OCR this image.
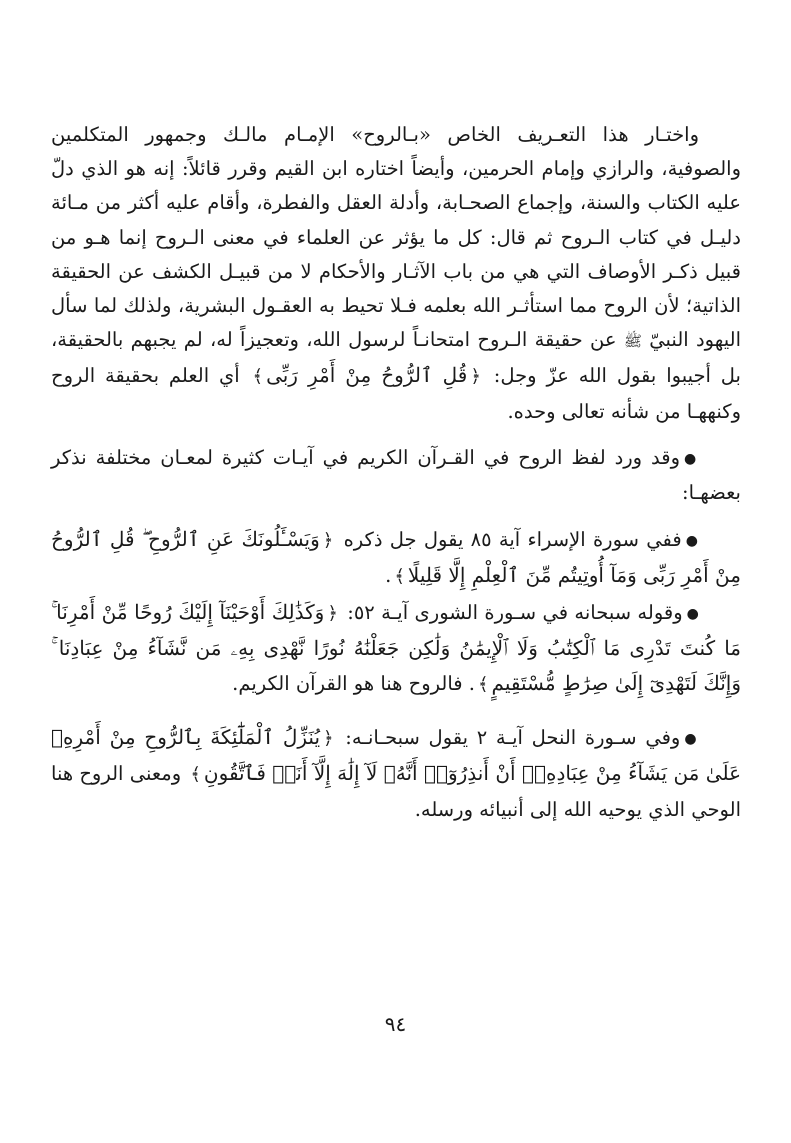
واختـار هذا التعـريف الخاص «بـالروح» الإمـام مالـك وجمهور المتكلمين والصوفية، والرازي وإمام الحرمين، وأيضاً اختاره ابن القيم وقرر قائلاً: إنه هو الذي دلّ عليه الكتاب والسنة، وإجماع الصحـابة، وأدلة العقل والفطرة، وأقام عليه أكثر من مـائة دليـل في كتاب الـروح ثم قال: كل ما يؤثر عن العلماء في معنى الـروح إنما هـو من قبيل ذكـر الأوصاف التي هي من باب الآثـار والأحكام لا من قبيـل الكشف عن الحقيقة الذاتية؛ لأن الروح مما استأثـر الله بعلمه فـلا تحيط به العقـول البشرية، ولذلك لما سأل اليهود النبيّ ﷺ عن حقيقة الـروح امتحانـاً لرسول الله، وتعجيزاً له، لم يجبهم بالحقيقة، بل أجيبوا بقول الله عزّ وجل: ﴿قُلِ ٱلرُّوحُ مِنْ أَمْرِ رَبِّى﴾ أي العلم بحقيقة الروح وكنههـا من شأنه تعالى وحده.

●وقد ورد لفظ الروح في القـرآن الكريم في آيـات كثيرة لمعـان مختلفة نذكر بعضهـا:

●ففي سورة الإسراء آية ٨٥ يقول جل ذكره ﴿وَيَسْـَٔلُونَكَ عَنِ ٱلرُّوحِ ۖ قُلِ ٱلرُّوحُ مِنْ أَمْرِ رَبِّى وَمَآ أُوتِيتُم مِّنَ ٱلْعِلْمِ إِلَّا قَلِيلًا﴾.

●وقوله سبحانه في سـورة الشورى آيـة ٥٢: ﴿وَكَذَٰلِكَ أَوْحَيْنَآ إِلَيْكَ رُوحًا مِّنْ أَمْرِنَا ۚ مَا كُنتَ تَدْرِى مَا ٱلْكِتَٰبُ وَلَا ٱلْإِيمَٰنُ وَلَٰكِن جَعَلْنَٰهُ نُورًا نَّهْدِى بِهِۦ مَن نَّشَآءُ مِنْ عِبَادِنَا ۚ وَإِنَّكَ لَتَهْدِىٓ إِلَىٰ صِرَٰطٍ مُّسْتَقِيمٍ﴾. فالروح هنا هو القرآن الكريم.

●وفي سـورة النحل آيـة ٢ يقول سبحـانـه: ﴿يُنَزِّلُ ٱلْمَلَٰٓئِكَةَ بِٱلرُّوحِ مِنْ أَمْرِهِۦ عَلَىٰ مَن يَشَآءُ مِنْ عِبَادِهِۦٓ أَنْ أَنذِرُوٓا۟ أَنَّهُۥ لَآ إِلَٰهَ إِلَّآ أَنَا۠ فَٱتَّقُونِ﴾ ومعنى الروح هنا الوحي الذي يوحيه الله إلى أنبيائه ورسله.

٩٤
